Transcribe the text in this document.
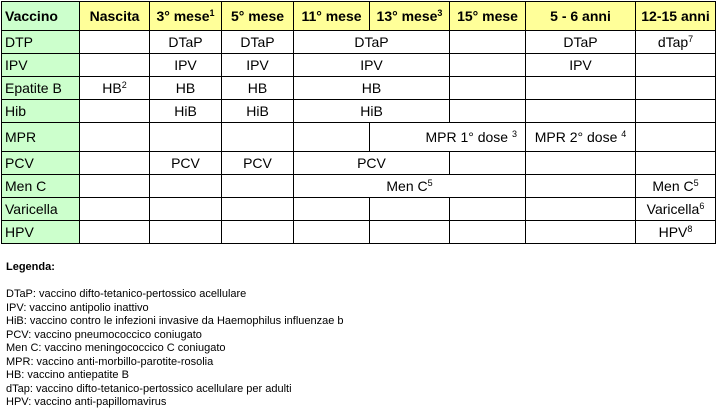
Vaccino	Nascita	3° mese$^1$	5° mese	11° mese	13° mese$^3$	15° mese	5 - 6 anni	12-15 anni
DTP		DTaP	DTaP	DTaP			DTaP	dTap$^7$
IPV		IPV	IPV	IPV			IPV	
Epatite B	$HB^2$	HB	HB	HB				
Hib		HiB	HiB	HiB				
MPR					MPR 1° dose $^3$		MPR 2° dose $^4$	
PCV		PCV	PCV	PCV				
Men C				Men $C^5$				Men $C^5$
Varicella								Varicella$^6$
HPV								HPV$^8$
Legenda:
DTaP: vaccino difto-tetanico-pertossico acellulare
IPV: vaccino antipolio inattivo
HiB: vaccino contro le infezioni invasive da Haemophilus influenzae b
PCV: vaccino pneumococcico coniugato
Men C: vaccino meningococcico C coniugato
MPR: vaccino anti-morbillo-parotite-rosolia
HB: vaccino antiepatite B
dTap: vaccino difto-tetanico-pertossico acellulare per adulti
HPV: vaccino anti-papillomavirus
